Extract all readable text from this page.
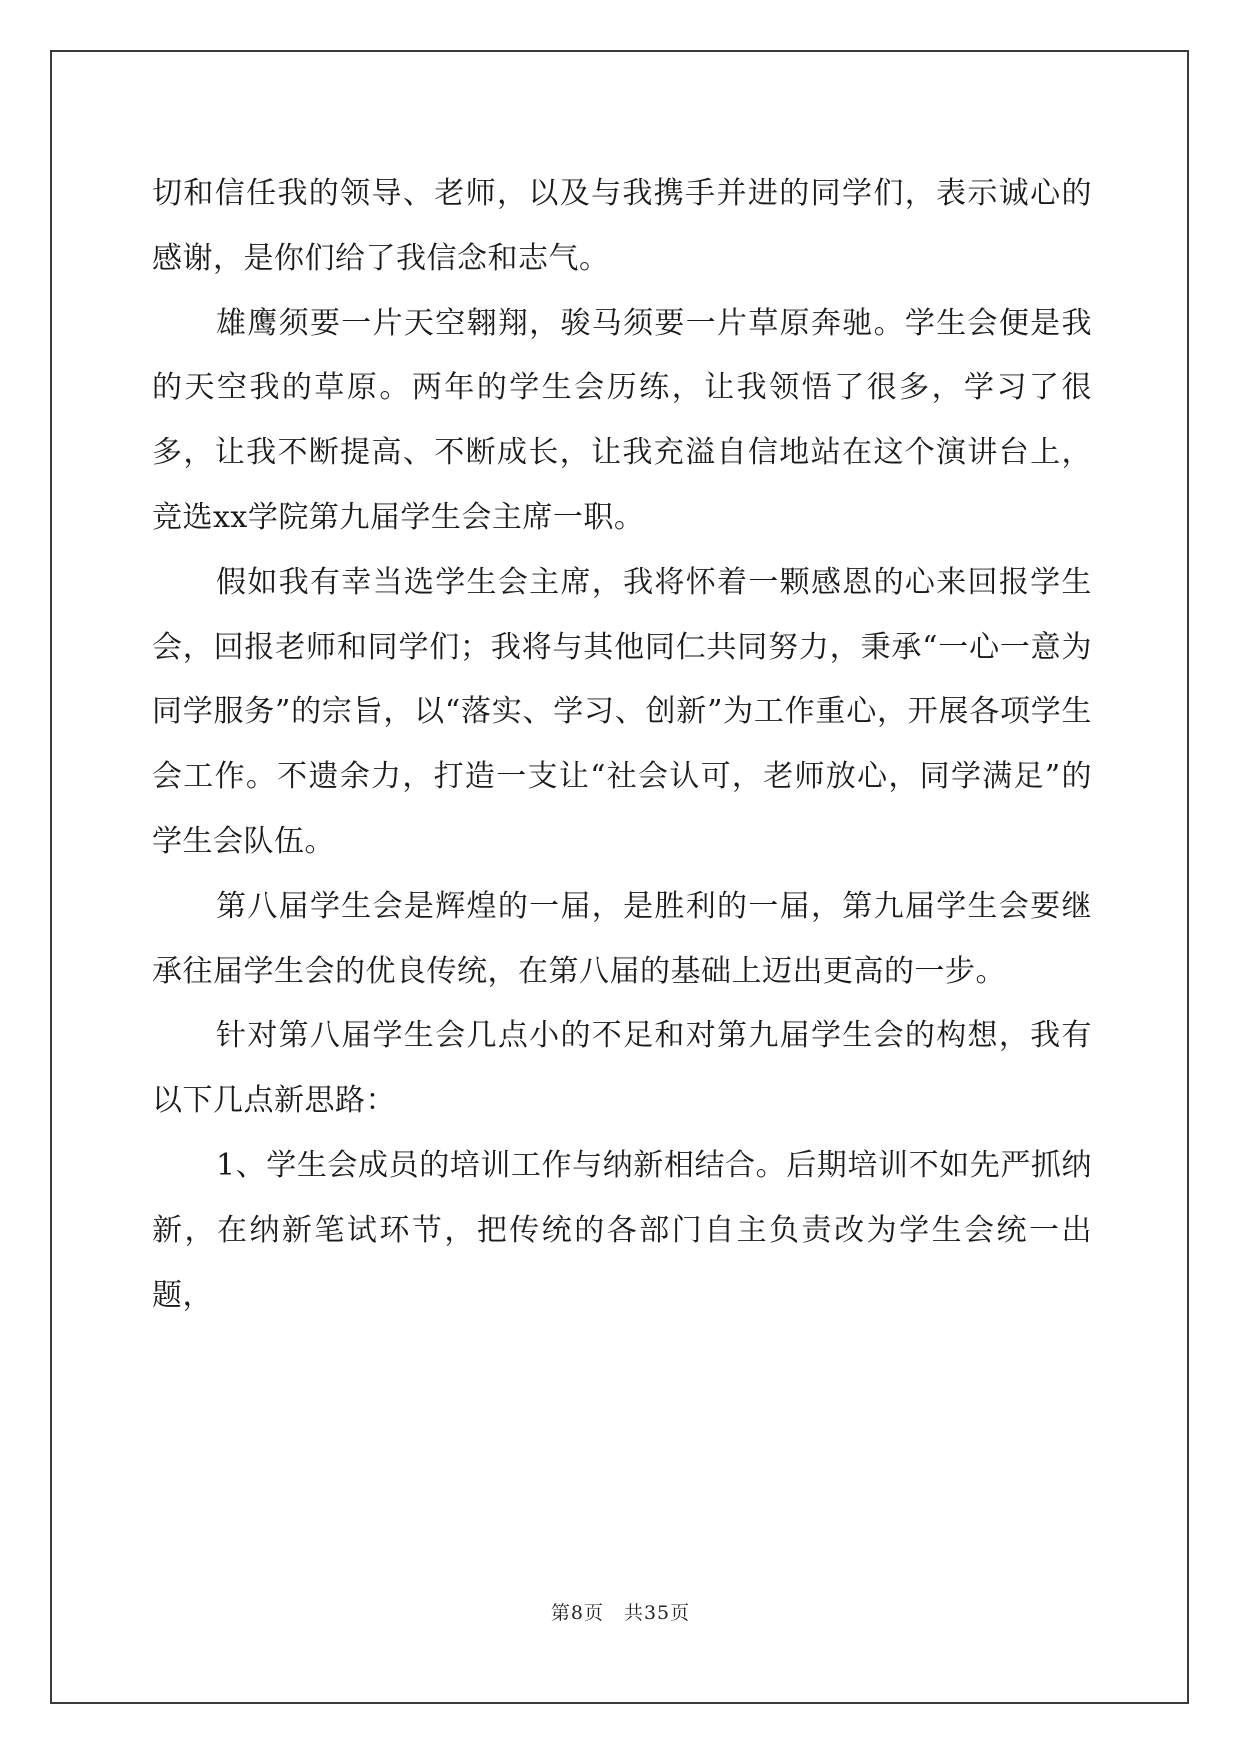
切和信任我的领导、老师，以及与我携手并进的同学们，表示诚心的感谢，是你们给了我信念和志气。

雄鹰须要一片天空翱翔，骏马须要一片草原奔驰。学生会便是我的天空我的草原。两年的学生会历练，让我领悟了很多，学习了很多，让我不断提高、不断成长，让我充溢自信地站在这个演讲台上，竞选xx学院第九届学生会主席一职。

假如我有幸当选学生会主席，我将怀着一颗感恩的心来回报学生会，回报老师和同学们；我将与其他同仁共同努力，秉承“一心一意为同学服务”的宗旨，以“落实、学习、创新”为工作重心，开展各项学生会工作。不遗余力，打造一支让“社会认可，老师放心，同学满足”的学生会队伍。

第八届学生会是辉煌的一届，是胜利的一届，第九届学生会要继承往届学生会的优良传统，在第八届的基础上迈出更高的一步。

针对第八届学生会几点小的不足和对第九届学生会的构想，我有以下几点新思路：

1、学生会成员的培训工作与纳新相结合。后期培训不如先严抓纳新，在纳新笔试环节，把传统的各部门自主负责改为学生会统一出题，

第8页　共35页
